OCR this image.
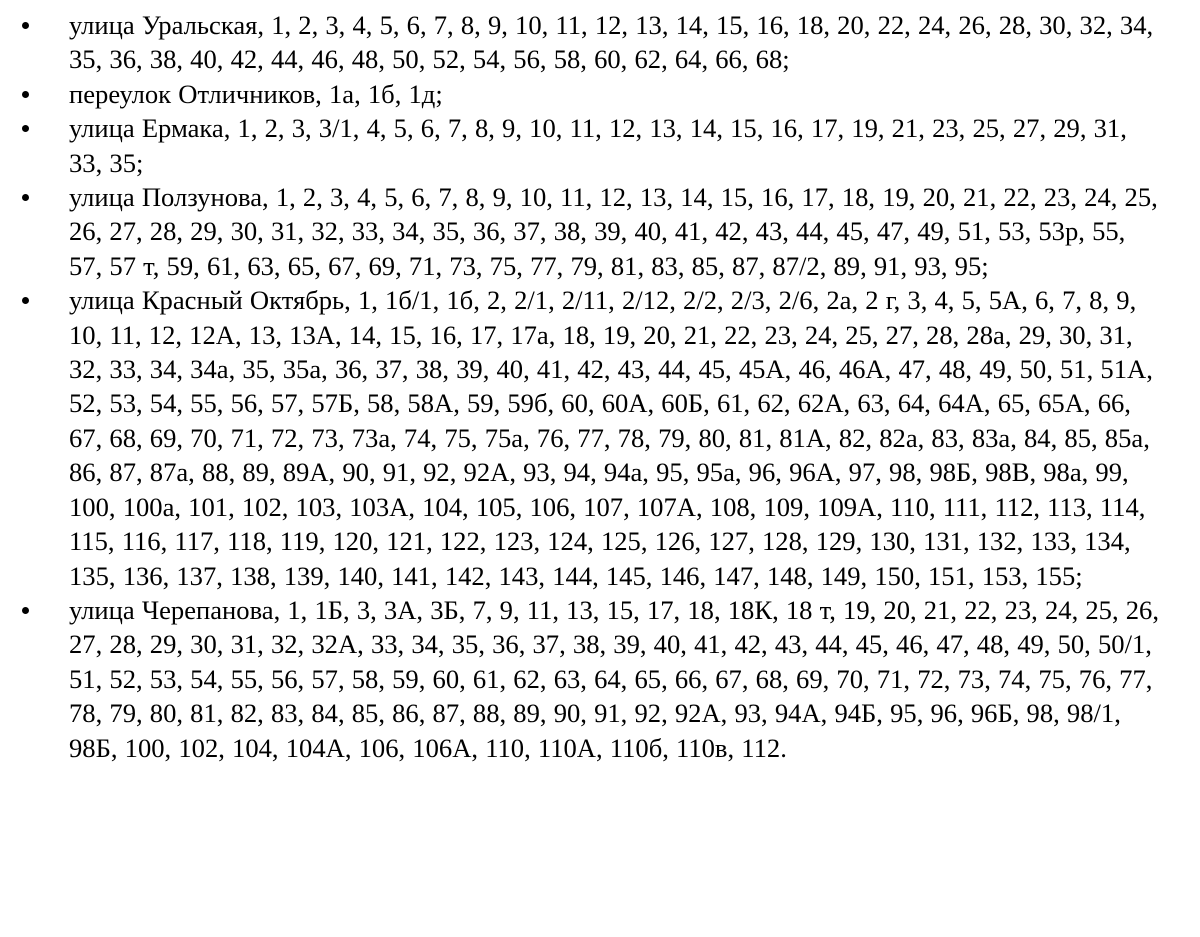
улица Уральская, 1, 2, 3, 4, 5, 6, 7, 8, 9, 10, 11, 12, 13, 14, 15, 16, 18, 20, 22, 24, 26, 28, 30, 32, 34, 35, 36, 38, 40, 42, 44, 46, 48, 50, 52, 54, 56, 58, 60, 62, 64, 66, 68;
переулок Отличников, 1а, 1б, 1д;
улица Ермака, 1, 2, 3, 3/1, 4, 5, 6, 7, 8, 9, 10, 11, 12, 13, 14, 15, 16, 17, 19, 21, 23, 25, 27, 29, 31, 33, 35;
улица Ползунова, 1, 2, 3, 4, 5, 6, 7, 8, 9, 10, 11, 12, 13, 14, 15, 16, 17, 18, 19, 20, 21, 22, 23, 24, 25, 26, 27, 28, 29, 30, 31, 32, 33, 34, 35, 36, 37, 38, 39, 40, 41, 42, 43, 44, 45, 47, 49, 51, 53, 53р, 55, 57, 57 т, 59, 61, 63, 65, 67, 69, 71, 73, 75, 77, 79, 81, 83, 85, 87, 87/2, 89, 91, 93, 95;
улица Красный Октябрь, 1, 1б/1, 1б, 2, 2/1, 2/11, 2/12, 2/2, 2/3, 2/6, 2а, 2 г, 3, 4, 5, 5А, 6, 7, 8, 9, 10, 11, 12, 12А, 13, 13А, 14, 15, 16, 17, 17а, 18, 19, 20, 21, 22, 23, 24, 25, 27, 28, 28а, 29, 30, 31, 32, 33, 34, 34а, 35, 35а, 36, 37, 38, 39, 40, 41, 42, 43, 44, 45, 45А, 46, 46А, 47, 48, 49, 50, 51, 51А, 52, 53, 54, 55, 56, 57, 57Б, 58, 58А, 59, 59б, 60, 60А, 60Б, 61, 62, 62А, 63, 64, 64А, 65, 65А, 66, 67, 68, 69, 70, 71, 72, 73, 73а, 74, 75, 75а, 76, 77, 78, 79, 80, 81, 81А, 82, 82а, 83, 83а, 84, 85, 85а, 86, 87, 87а, 88, 89, 89А, 90, 91, 92, 92А, 93, 94, 94а, 95, 95а, 96, 96А, 97, 98, 98Б, 98В, 98а, 99, 100, 100а, 101, 102, 103, 103А, 104, 105, 106, 107, 107А, 108, 109, 109А, 110, 111, 112, 113, 114, 115, 116, 117, 118, 119, 120, 121, 122, 123, 124, 125, 126, 127, 128, 129, 130, 131, 132, 133, 134, 135, 136, 137, 138, 139, 140, 141, 142, 143, 144, 145, 146, 147, 148, 149, 150, 151, 153, 155;
улица Черепанова, 1, 1Б, 3, 3А, 3Б, 7, 9, 11, 13, 15, 17, 18, 18К, 18 т, 19, 20, 21, 22, 23, 24, 25, 26, 27, 28, 29, 30, 31, 32, 32А, 33, 34, 35, 36, 37, 38, 39, 40, 41, 42, 43, 44, 45, 46, 47, 48, 49, 50, 50/1, 51, 52, 53, 54, 55, 56, 57, 58, 59, 60, 61, 62, 63, 64, 65, 66, 67, 68, 69, 70, 71, 72, 73, 74, 75, 76, 77, 78, 79, 80, 81, 82, 83, 84, 85, 86, 87, 88, 89, 90, 91, 92, 92А, 93, 94А, 94Б, 95, 96, 96Б, 98, 98/1, 98Б, 100, 102, 104, 104А, 106, 106А, 110, 110А, 110б, 110в, 112.
